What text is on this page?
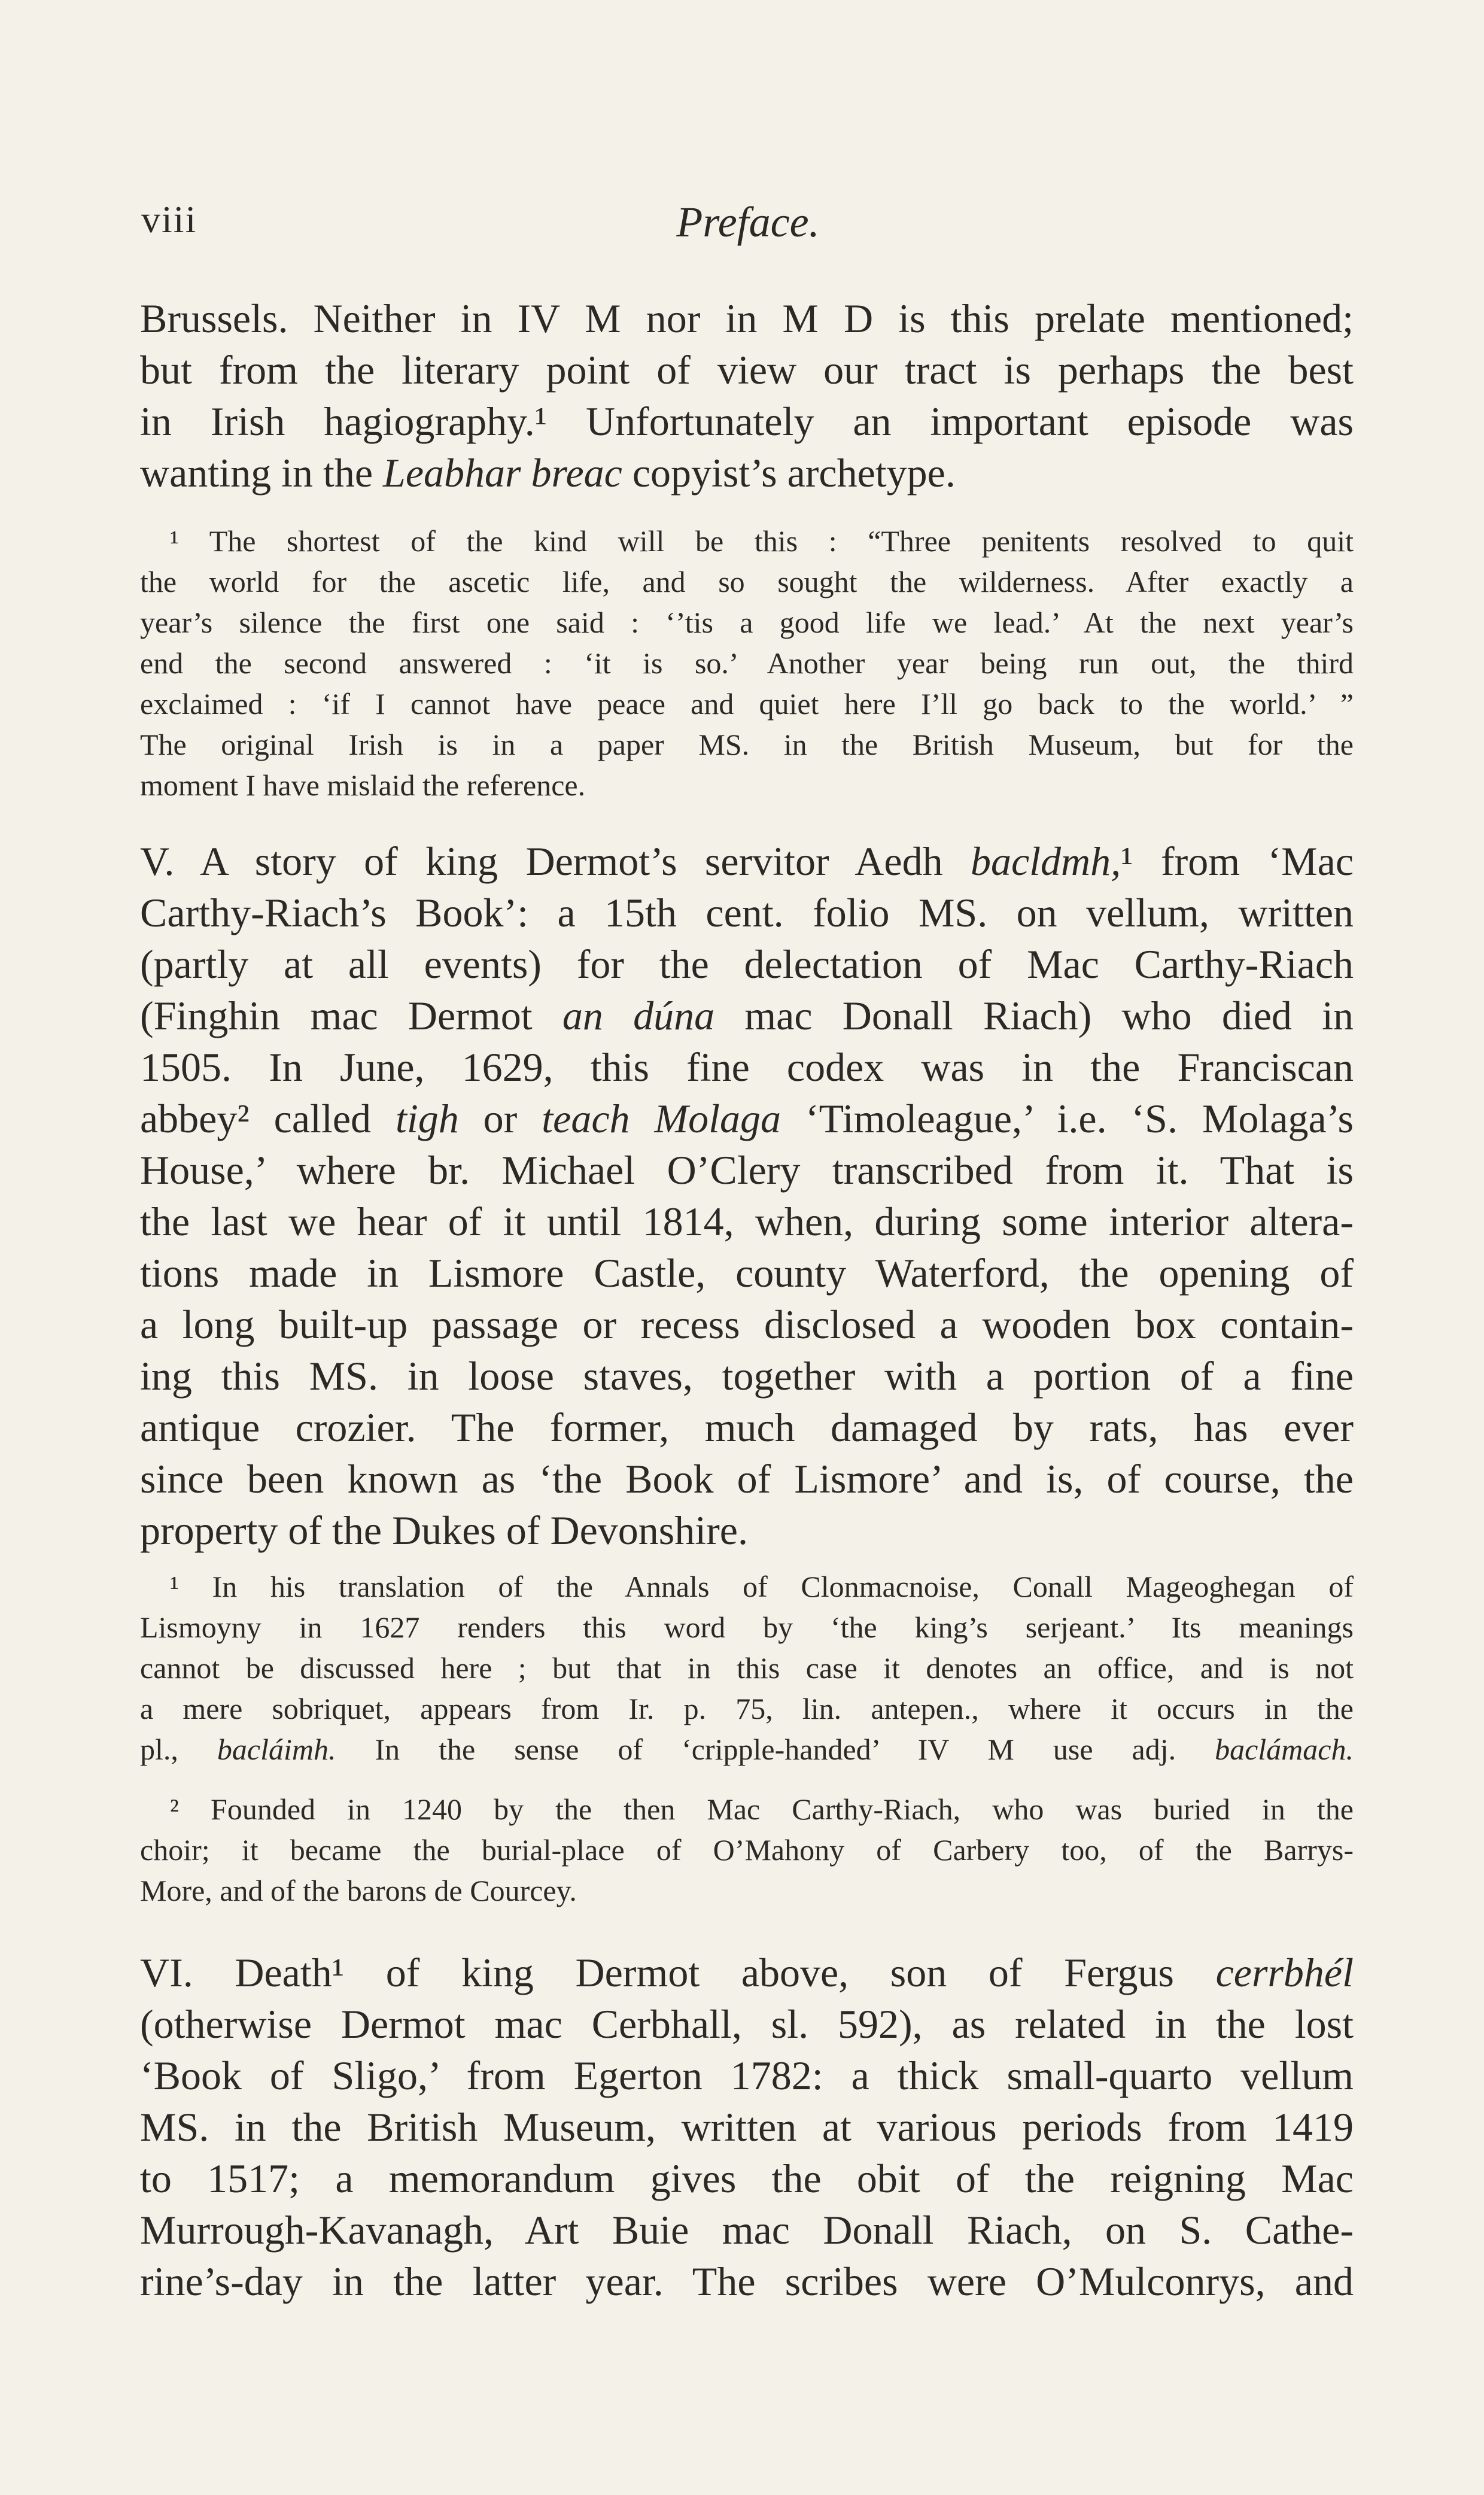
viii	Preface.
Brussels. Neither in IV M nor in M D is this prelate mentioned;
but from the literary point of view our tract is perhaps the best
in Irish hagiography.¹ Unfortunately an important episode was
wanting in the Leabhar breac copyist’s archetype.
¹ The shortest of the kind will be this : “Three penitents resolved to quit
the world for the ascetic life, and so sought the wilderness. After exactly a
year’s silence the first one said : ‘’tis a good life we lead.’ At the next year’s
end the second answered : ‘it is so.’ Another year being run out, the third
exclaimed : ‘if I cannot have peace and quiet here I’ll go back to the world.’ ”
The original Irish is in a paper MS. in the British Museum, but for the
moment I have mislaid the reference.
V. A story of king Dermot’s servitor Aedh bacldmh,¹ from ‘Mac
Carthy-Riach’s Book’: a 15th cent. folio MS. on vellum, written
(partly at all events) for the delectation of Mac Carthy-Riach
(Finghin mac Dermot an dúna mac Donall Riach) who died in
1505. In June, 1629, this fine codex was in the Franciscan
abbey² called tigh or teach Molaga ‘Timoleague,’ i.e. ‘S. Molaga’s
House,’ where br. Michael O’Clery transcribed from it. That is
the last we hear of it until 1814, when, during some interior altera-
tions made in Lismore Castle, county Waterford, the opening of
a long built-up passage or recess disclosed a wooden box contain-
ing this MS. in loose staves, together with a portion of a fine
antique crozier. The former, much damaged by rats, has ever
since been known as ‘the Book of Lismore’ and is, of course, the
property of the Dukes of Devonshire.
¹ In his translation of the Annals of Clonmacnoise, Conall Mageoghegan of
Lismoyny in 1627 renders this word by ‘the king’s serjeant.’ Its meanings
cannot be discussed here ; but that in this case it denotes an office, and is not
a mere sobriquet, appears from Ir. p. 75, lin. antepen., where it occurs in the
pl., bacláimh. In the sense of ‘cripple-handed’ IV M use adj. baclámach.
² Founded in 1240 by the then Mac Carthy-Riach, who was buried in the
choir; it became the burial-place of O’Mahony of Carbery too, of the Barrys-
More, and of the barons de Courcey.
VI. Death¹ of king Dermot above, son of Fergus cerrbhél
(otherwise Dermot mac Cerbhall, sl. 592), as related in the lost
‘Book of Sligo,’ from Egerton 1782: a thick small-quarto vellum
MS. in the British Museum, written at various periods from 1419
to 1517; a memorandum gives the obit of the reigning Mac
Murrough-Kavanagh, Art Buie mac Donall Riach, on S. Cathe-
rine’s-day in the latter year. The scribes were O’Mulconrys, and
